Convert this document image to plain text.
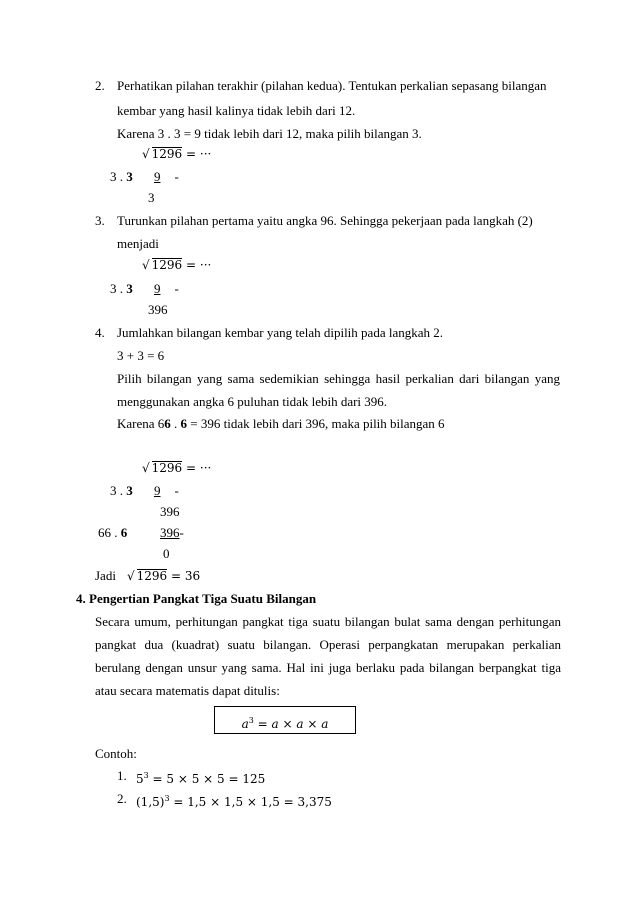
2. Perhatikan pilahan terakhir (pilahan kedua). Tentukan perkalian sepasang bilangan
kembar yang hasil kalinya tidak lebih dari 12.
Karena 3 . 3 = 9 tidak lebih dari 12, maka pilih bilangan 3.
√ 1296 = ···
3 . 3	9 -
3
3. Turunkan pilahan pertama yaitu angka 96. Sehingga pekerjaan pada langkah (2)
menjadi
√ 1296 = ···
3 . 3	9 -
396
4. Jumlahkan bilangan kembar yang telah dipilih pada langkah 2.
3 + 3 = 6
Pilih bilangan yang sama sedemikian sehingga hasil perkalian dari bilangan yang
menggunakan angka 6 puluhan tidak lebih dari 396.
Karena 66 . 6 = 396 tidak lebih dari 396, maka pilih bilangan 6
√ 1296 = ···
3 . 3	9 -
396
66 . 6	396-
0
Jadi √ 1296 = 36
4. Pengertian Pangkat Tiga Suatu Bilangan
Secara umum, perhitungan pangkat tiga suatu bilangan bulat sama dengan perhitungan
pangkat dua (kuadrat) suatu bilangan. Operasi perpangkatan merupakan perkalian
berulang dengan unsur yang sama. Hal ini juga berlaku pada bilangan berpangkat tiga
atau secara matematis dapat ditulis:
$a^3 = a \times a \times a$
Contoh:
1. $5^3 = 5 \times 5 \times 5 = 125$
2. $(1,5)^3 = 1,5 \times 1,5 \times 1,5 = 3,375$
